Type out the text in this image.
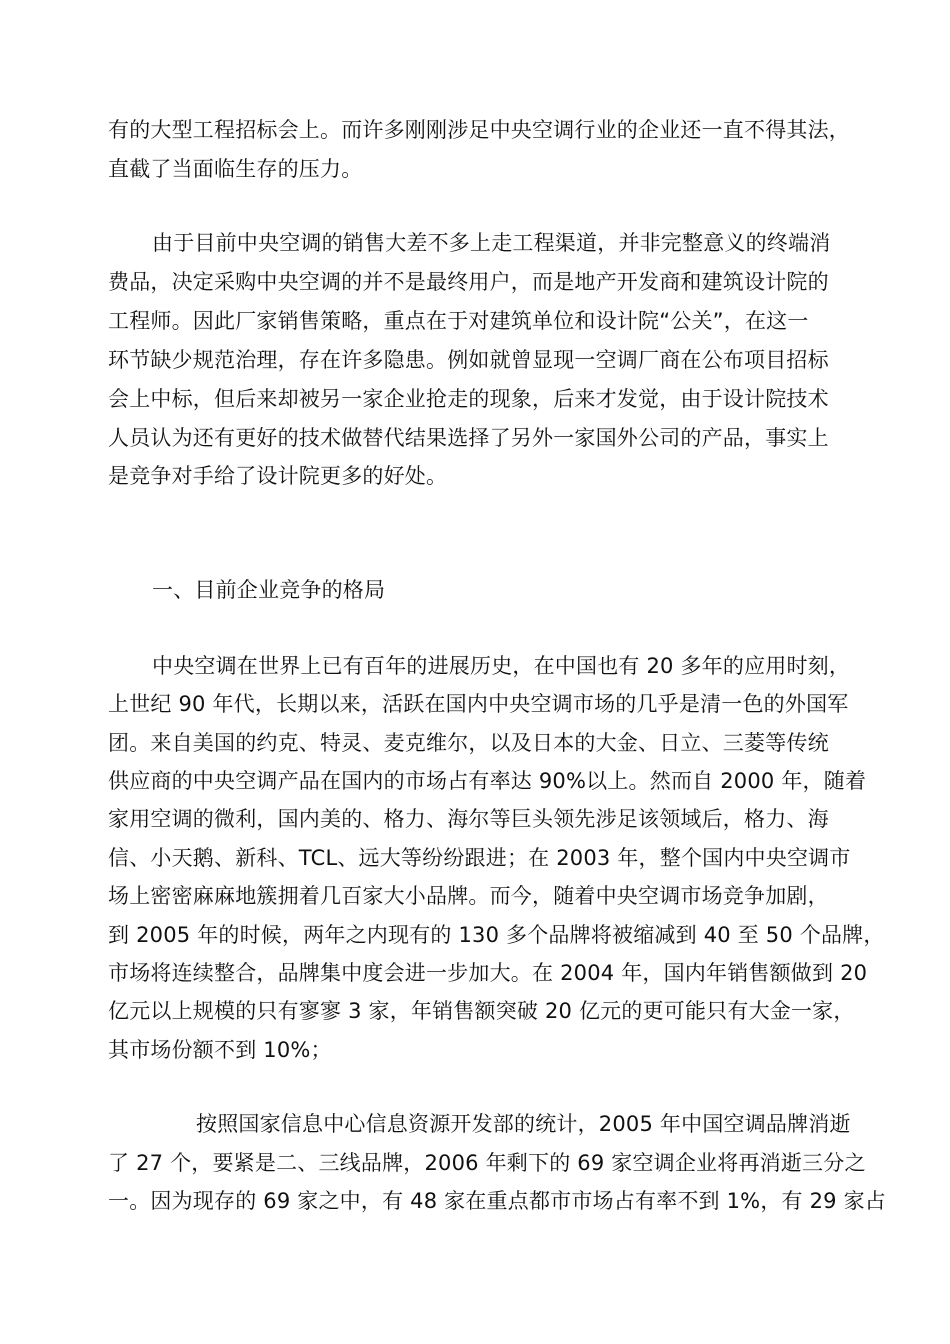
有的大型工程招标会上。而许多刚刚涉足中央空调行业的企业还一直不得其法，
直截了当面临生存的压力。
由于目前中央空调的销售大差不多上走工程渠道，并非完整意义的终端消
费品，决定采购中央空调的并不是最终用户，而是地产开发商和建筑设计院的
工程师。因此厂家销售策略，重点在于对建筑单位和设计院“公关”，在这一
环节缺少规范治理，存在许多隐患。例如就曾显现一空调厂商在公布项目招标
会上中标，但后来却被另一家企业抢走的现象，后来才发觉，由于设计院技术
人员认为还有更好的技术做替代结果选择了另外一家国外公司的产品，事实上
是竞争对手给了设计院更多的好处。
一、目前企业竞争的格局
中央空调在世界上已有百年的进展历史，在中国也有 20 多年的应用时刻，
上世纪 90 年代，长期以来，活跃在国内中央空调市场的几乎是清一色的外国军
团。来自美国的约克、特灵、麦克维尔，以及日本的大金、日立、三菱等传统
供应商的中央空调产品在国内的市场占有率达 90%以上。然而自 2000 年，随着
家用空调的微利，国内美的、格力、海尔等巨头领先涉足该领域后，格力、海
信、小天鹅、新科、TCL、远大等纷纷跟进；在 2003 年，整个国内中央空调市
场上密密麻麻地簇拥着几百家大小品牌。而今，随着中央空调市场竞争加剧，
到 2005 年的时候，两年之内现有的 130 多个品牌将被缩减到 40 至 50 个品牌，
市场将连续整合，品牌集中度会进一步加大。在 2004 年，国内年销售额做到 20
亿元以上规模的只有寥寥 3 家，年销售额突破 20 亿元的更可能只有大金一家，
其市场份额不到 10%；
按照国家信息中心信息资源开发部的统计，2005 年中国空调品牌消逝
了 27 个，要紧是二、三线品牌，2006 年剩下的 69 家空调企业将再消逝三分之
一。因为现存的 69 家之中，有 48 家在重点都市市场占有率不到 1%，有 29 家占
